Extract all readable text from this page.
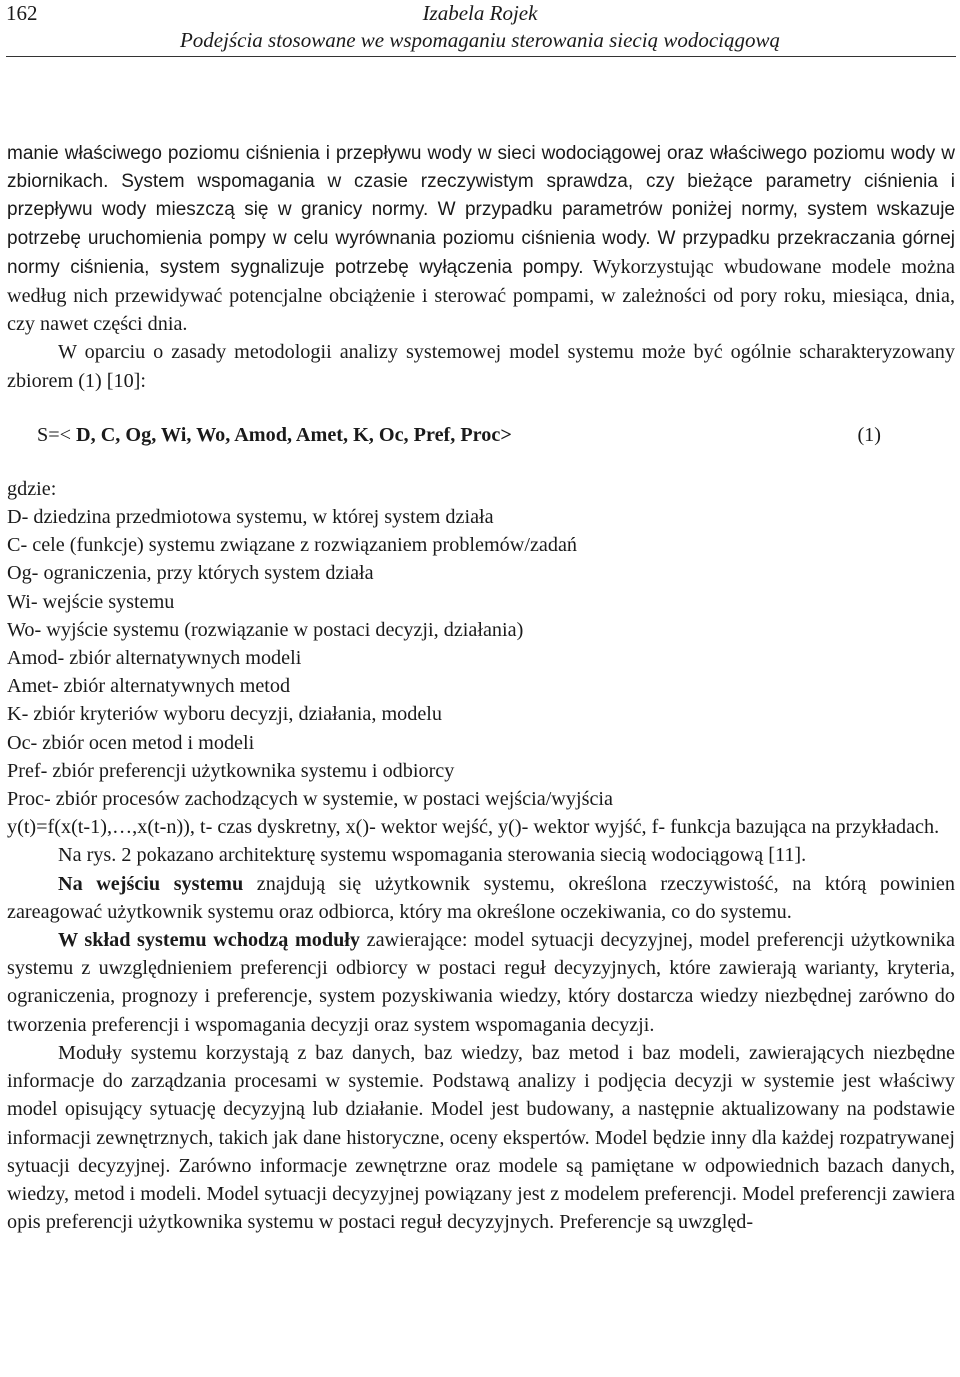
162	Izabela Rojek
Podejścia stosowane we wspomaganiu sterowania siecią wodociągową

manie właściwego poziomu ciśnienia i przepływu wody w sieci wodociągowej oraz właściwego poziomu wody w zbiornikach. System wspomagania w czasie rzeczywistym sprawdza, czy bieżące parametry ciśnienia i przepływu wody mieszczą się w granicy normy. W przypadku parametrów poniżej normy, system wskazuje potrzebę uruchomienia pompy w celu wyrównania poziomu ciśnienia wody. W przypadku przekraczania górnej normy ciśnienia, system sygnalizuje potrzebę wyłączenia pompy. Wykorzystując wbudowane modele można według nich przewidywać potencjalne obciążenie i sterować pompami, w zależności od pory roku, miesiąca, dnia, czy nawet części dnia.

W oparciu o zasady metodologii analizy systemowej model systemu może być ogólnie scharakteryzowany zbiorem (1) [10]:

S=< D, C, Og, Wi, Wo, Amod, Amet, K, Oc, Pref, Proc>	(1)
gdzie:
D- dziedzina przedmiotowa systemu, w której system działa
C- cele (funkcje) systemu związane z rozwiązaniem problemów/zadań
Og- ograniczenia, przy których system działa
Wi- wejście systemu
Wo- wyjście systemu (rozwiązanie w postaci decyzji, działania)
Amod- zbiór alternatywnych modeli
Amet- zbiór alternatywnych metod
K- zbiór kryteriów wyboru decyzji, działania, modelu
Oc- zbiór ocen metod i modeli
Pref- zbiór preferencji użytkownika systemu i odbiorcy
Proc- zbiór procesów zachodzących w systemie, w postaci wejścia/wyjścia

y(t)=f(x(t-1),…,x(t-n)), t- czas dyskretny, x()- wektor wejść, y()- wektor wyjść, f- funkcja bazująca na przykładach.

Na rys. 2 pokazano architekturę systemu wspomagania sterowania siecią wodociągową [11].

Na wejściu systemu znajdują się użytkownik systemu, określona rzeczywistość, na którą powinien zareagować użytkownik systemu oraz odbiorca, który ma określone oczekiwania, co do systemu.

W skład systemu wchodzą moduły zawierające: model sytuacji decyzyjnej, model preferencji użytkownika systemu z uwzględnieniem preferencji odbiorcy w postaci reguł decyzyjnych, które zawierają warianty, kryteria, ograniczenia, prognozy i preferencje, system pozyskiwania wiedzy, który dostarcza wiedzy niezbędnej zarówno do tworzenia preferencji i wspomagania decyzji oraz system wspomagania decyzji.

Moduły systemu korzystają z baz danych, baz wiedzy, baz metod i baz modeli, zawierających niezbędne informacje do zarządzania procesami w systemie. Podstawą analizy i podjęcia decyzji w systemie jest właściwy model opisujący sytuację decyzyjną lub działanie. Model jest budowany, a następnie aktualizowany na podstawie informacji zewnętrznych, takich jak dane historyczne, oceny ekspertów. Model będzie inny dla każdej rozpatrywanej sytuacji decyzyjnej. Zarówno informacje zewnętrzne oraz modele są pamiętane w odpowiednich bazach danych, wiedzy, metod i modeli. Model sytuacji decyzyjnej powiązany jest z modelem preferencji. Model preferencji zawiera opis preferencji użytkownika systemu w postaci reguł decyzyjnych. Preferencje są uwzględ-
